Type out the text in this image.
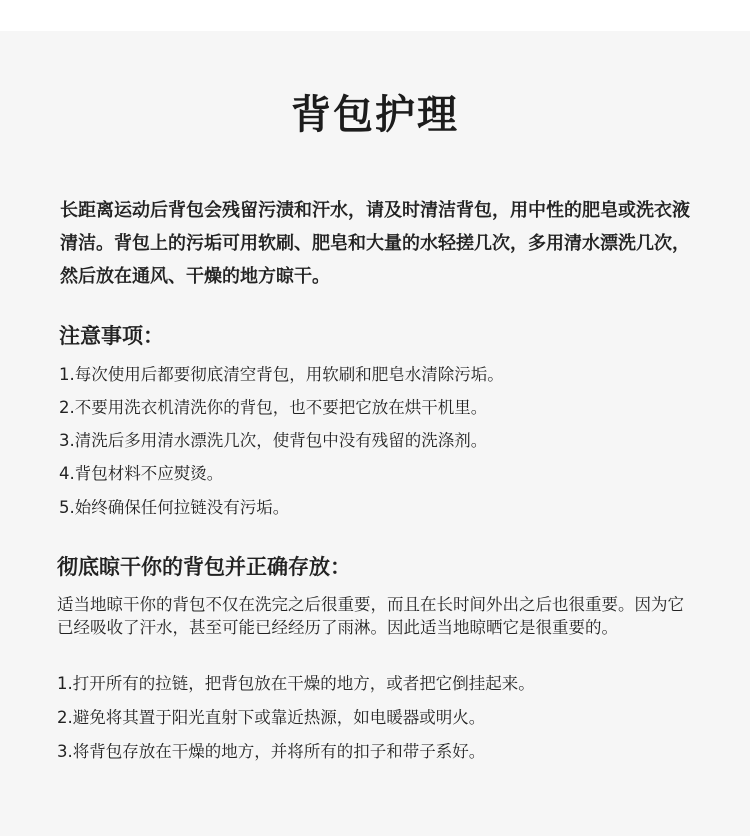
背包护理
长距离运动后背包会残留污渍和汗水，请及时清洁背包，用中性的肥皂或洗衣液清洁。背包上的污垢可用软刷、肥皂和大量的水轻搓几次，多用清水漂洗几次，然后放在通风、干燥的地方晾干。
注意事项：
1.每次使用后都要彻底清空背包，用软刷和肥皂水清除污垢。
2.不要用洗衣机清洗你的背包，也不要把它放在烘干机里。
3.清洗后多用清水漂洗几次，使背包中没有残留的洗涤剂。
4.背包材料不应熨烫。
5.始终确保任何拉链没有污垢。
彻底晾干你的背包并正确存放：
适当地晾干你的背包不仅在洗完之后很重要，而且在长时间外出之后也很重要。因为它已经吸收了汗水，甚至可能已经经历了雨淋。因此适当地晾晒它是很重要的。
1.打开所有的拉链，把背包放在干燥的地方，或者把它倒挂起来。
2.避免将其置于阳光直射下或靠近热源，如电暖器或明火。
3.将背包存放在干燥的地方，并将所有的扣子和带子系好。
